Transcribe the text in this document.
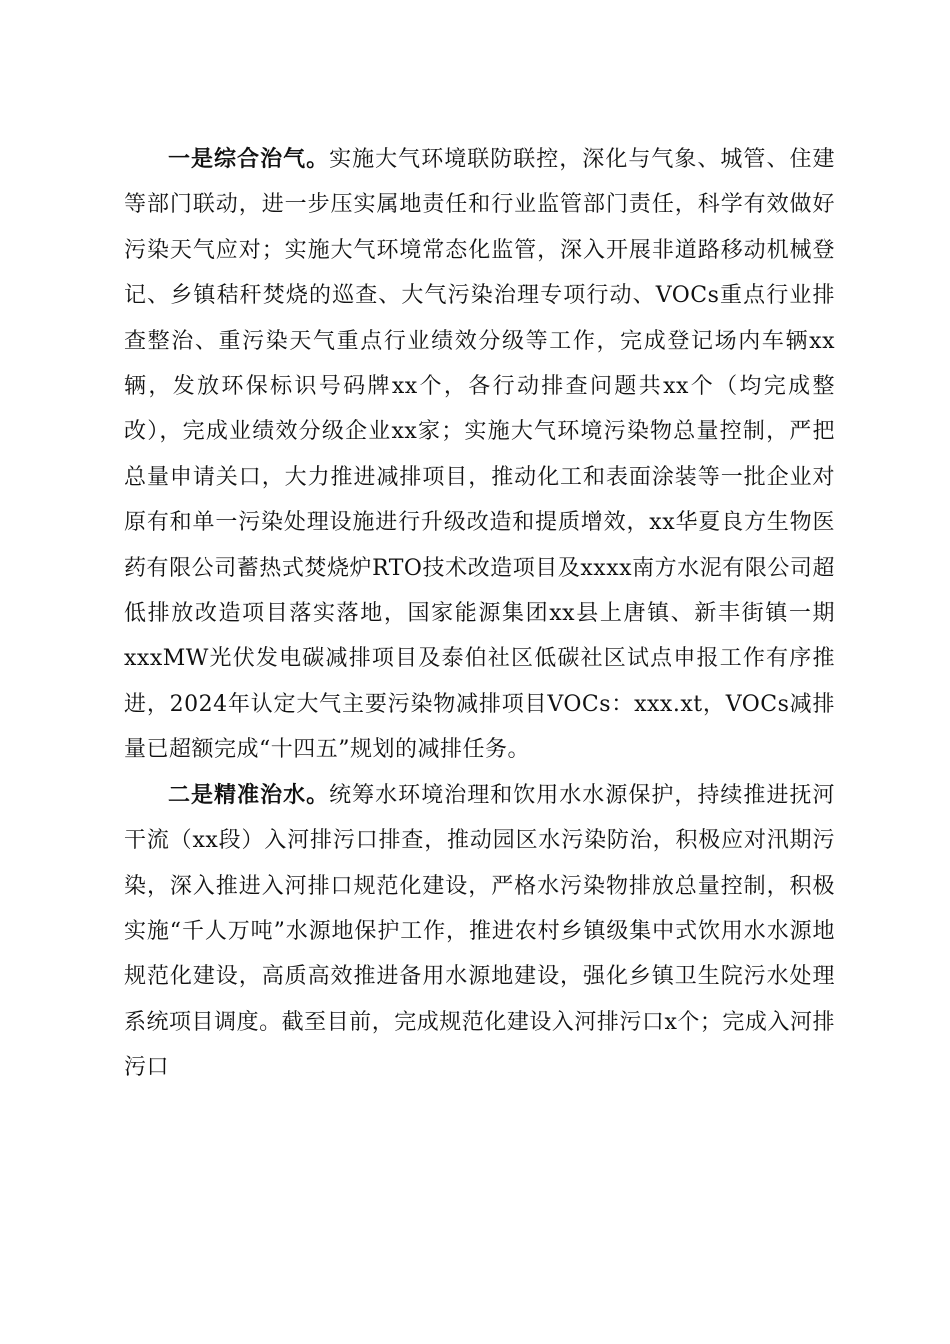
一是综合治气。实施大气环境联防联控，深化与气象、城管、住建等部门联动，进一步压实属地责任和行业监管部门责任，科学有效做好污染天气应对；实施大气环境常态化监管，深入开展非道路移动机械登记、乡镇秸秆焚烧的巡查、大气污染治理专项行动、VOCs重点行业排查整治、重污染天气重点行业绩效分级等工作，完成登记场内车辆xx辆，发放环保标识号码牌xx个，各行动排查问题共xx个（均完成整改），完成业绩效分级企业xx家；实施大气环境污染物总量控制，严把总量申请关口，大力推进减排项目，推动化工和表面涂装等一批企业对原有和单一污染处理设施进行升级改造和提质增效，xx华夏良方生物医药有限公司蓄热式焚烧炉RTO技术改造项目及xxxx南方水泥有限公司超低排放改造项目落实落地，国家能源集团xx县上唐镇、新丰街镇一期xxxMW光伏发电碳减排项目及泰伯社区低碳社区试点申报工作有序推进，2024年认定大气主要污染物减排项目VOCs：xxx.xt，VOCs减排量已超额完成“十四五”规划的减排任务。

二是精准治水。统筹水环境治理和饮用水水源保护，持续推进抚河干流（xx段）入河排污口排查，推动园区水污染防治，积极应对汛期污染，深入推进入河排口规范化建设，严格水污染物排放总量控制，积极实施“千人万吨”水源地保护工作，推进农村乡镇级集中式饮用水水源地规范化建设，高质高效推进备用水源地建设，强化乡镇卫生院污水处理系统项目调度。截至目前，完成规范化建设入河排污口x个；完成入河排污口
